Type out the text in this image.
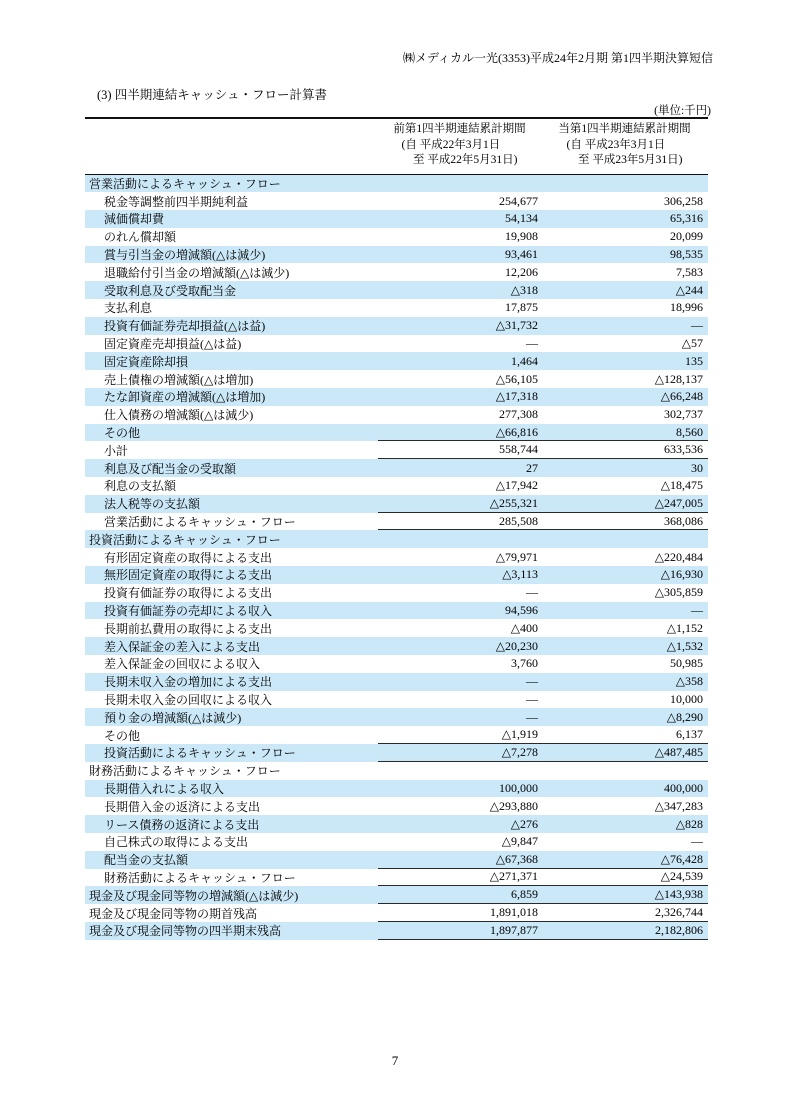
㈱メディカル一光(3353)平成24年2月期 第1四半期決算短信
(3) 四半期連結キャッシュ・フロー計算書
(単位:千円)
前第1四半期連結累計期間
(自 平成22年3月1日
至 平成22年5月31日)
当第1四半期連結累計期間
(自 平成23年3月1日
至 平成23年5月31日)
営業活動によるキャッシュ・フロー
税金等調整前四半期純利益	254,677	306,258
減価償却費	54,134	65,316
のれん償却額	19,908	20,099
賞与引当金の増減額(△は減少)	93,461	98,535
退職給付引当金の増減額(△は減少)	12,206	7,583
受取利息及び受取配当金	△318	△244
支払利息	17,875	18,996
投資有価証券売却損益(△は益)	△31,732	―
固定資産売却損益(△は益)	―	△57
固定資産除却損	1,464	135
売上債権の増減額(△は増加)	△56,105	△128,137
たな卸資産の増減額(△は増加)	△17,318	△66,248
仕入債務の増減額(△は減少)	277,308	302,737
その他	△66,816	8,560
小計	558,744	633,536
利息及び配当金の受取額	27	30
利息の支払額	△17,942	△18,475
法人税等の支払額	△255,321	△247,005
営業活動によるキャッシュ・フロー	285,508	368,086
投資活動によるキャッシュ・フロー
有形固定資産の取得による支出	△79,971	△220,484
無形固定資産の取得による支出	△3,113	△16,930
投資有価証券の取得による支出	―	△305,859
投資有価証券の売却による収入	94,596	―
長期前払費用の取得による支出	△400	△1,152
差入保証金の差入による支出	△20,230	△1,532
差入保証金の回収による収入	3,760	50,985
長期未収入金の増加による支出	―	△358
長期未収入金の回収による収入	―	10,000
預り金の増減額(△は減少)	―	△8,290
その他	△1,919	6,137
投資活動によるキャッシュ・フロー	△7,278	△487,485
財務活動によるキャッシュ・フロー
長期借入れによる収入	100,000	400,000
長期借入金の返済による支出	△293,880	△347,283
リース債務の返済による支出	△276	△828
自己株式の取得による支出	△9,847	―
配当金の支払額	△67,368	△76,428
財務活動によるキャッシュ・フロー	△271,371	△24,539
現金及び現金同等物の増減額(△は減少)	6,859	△143,938
現金及び現金同等物の期首残高	1,891,018	2,326,744
現金及び現金同等物の四半期末残高	1,897,877	2,182,806
7
